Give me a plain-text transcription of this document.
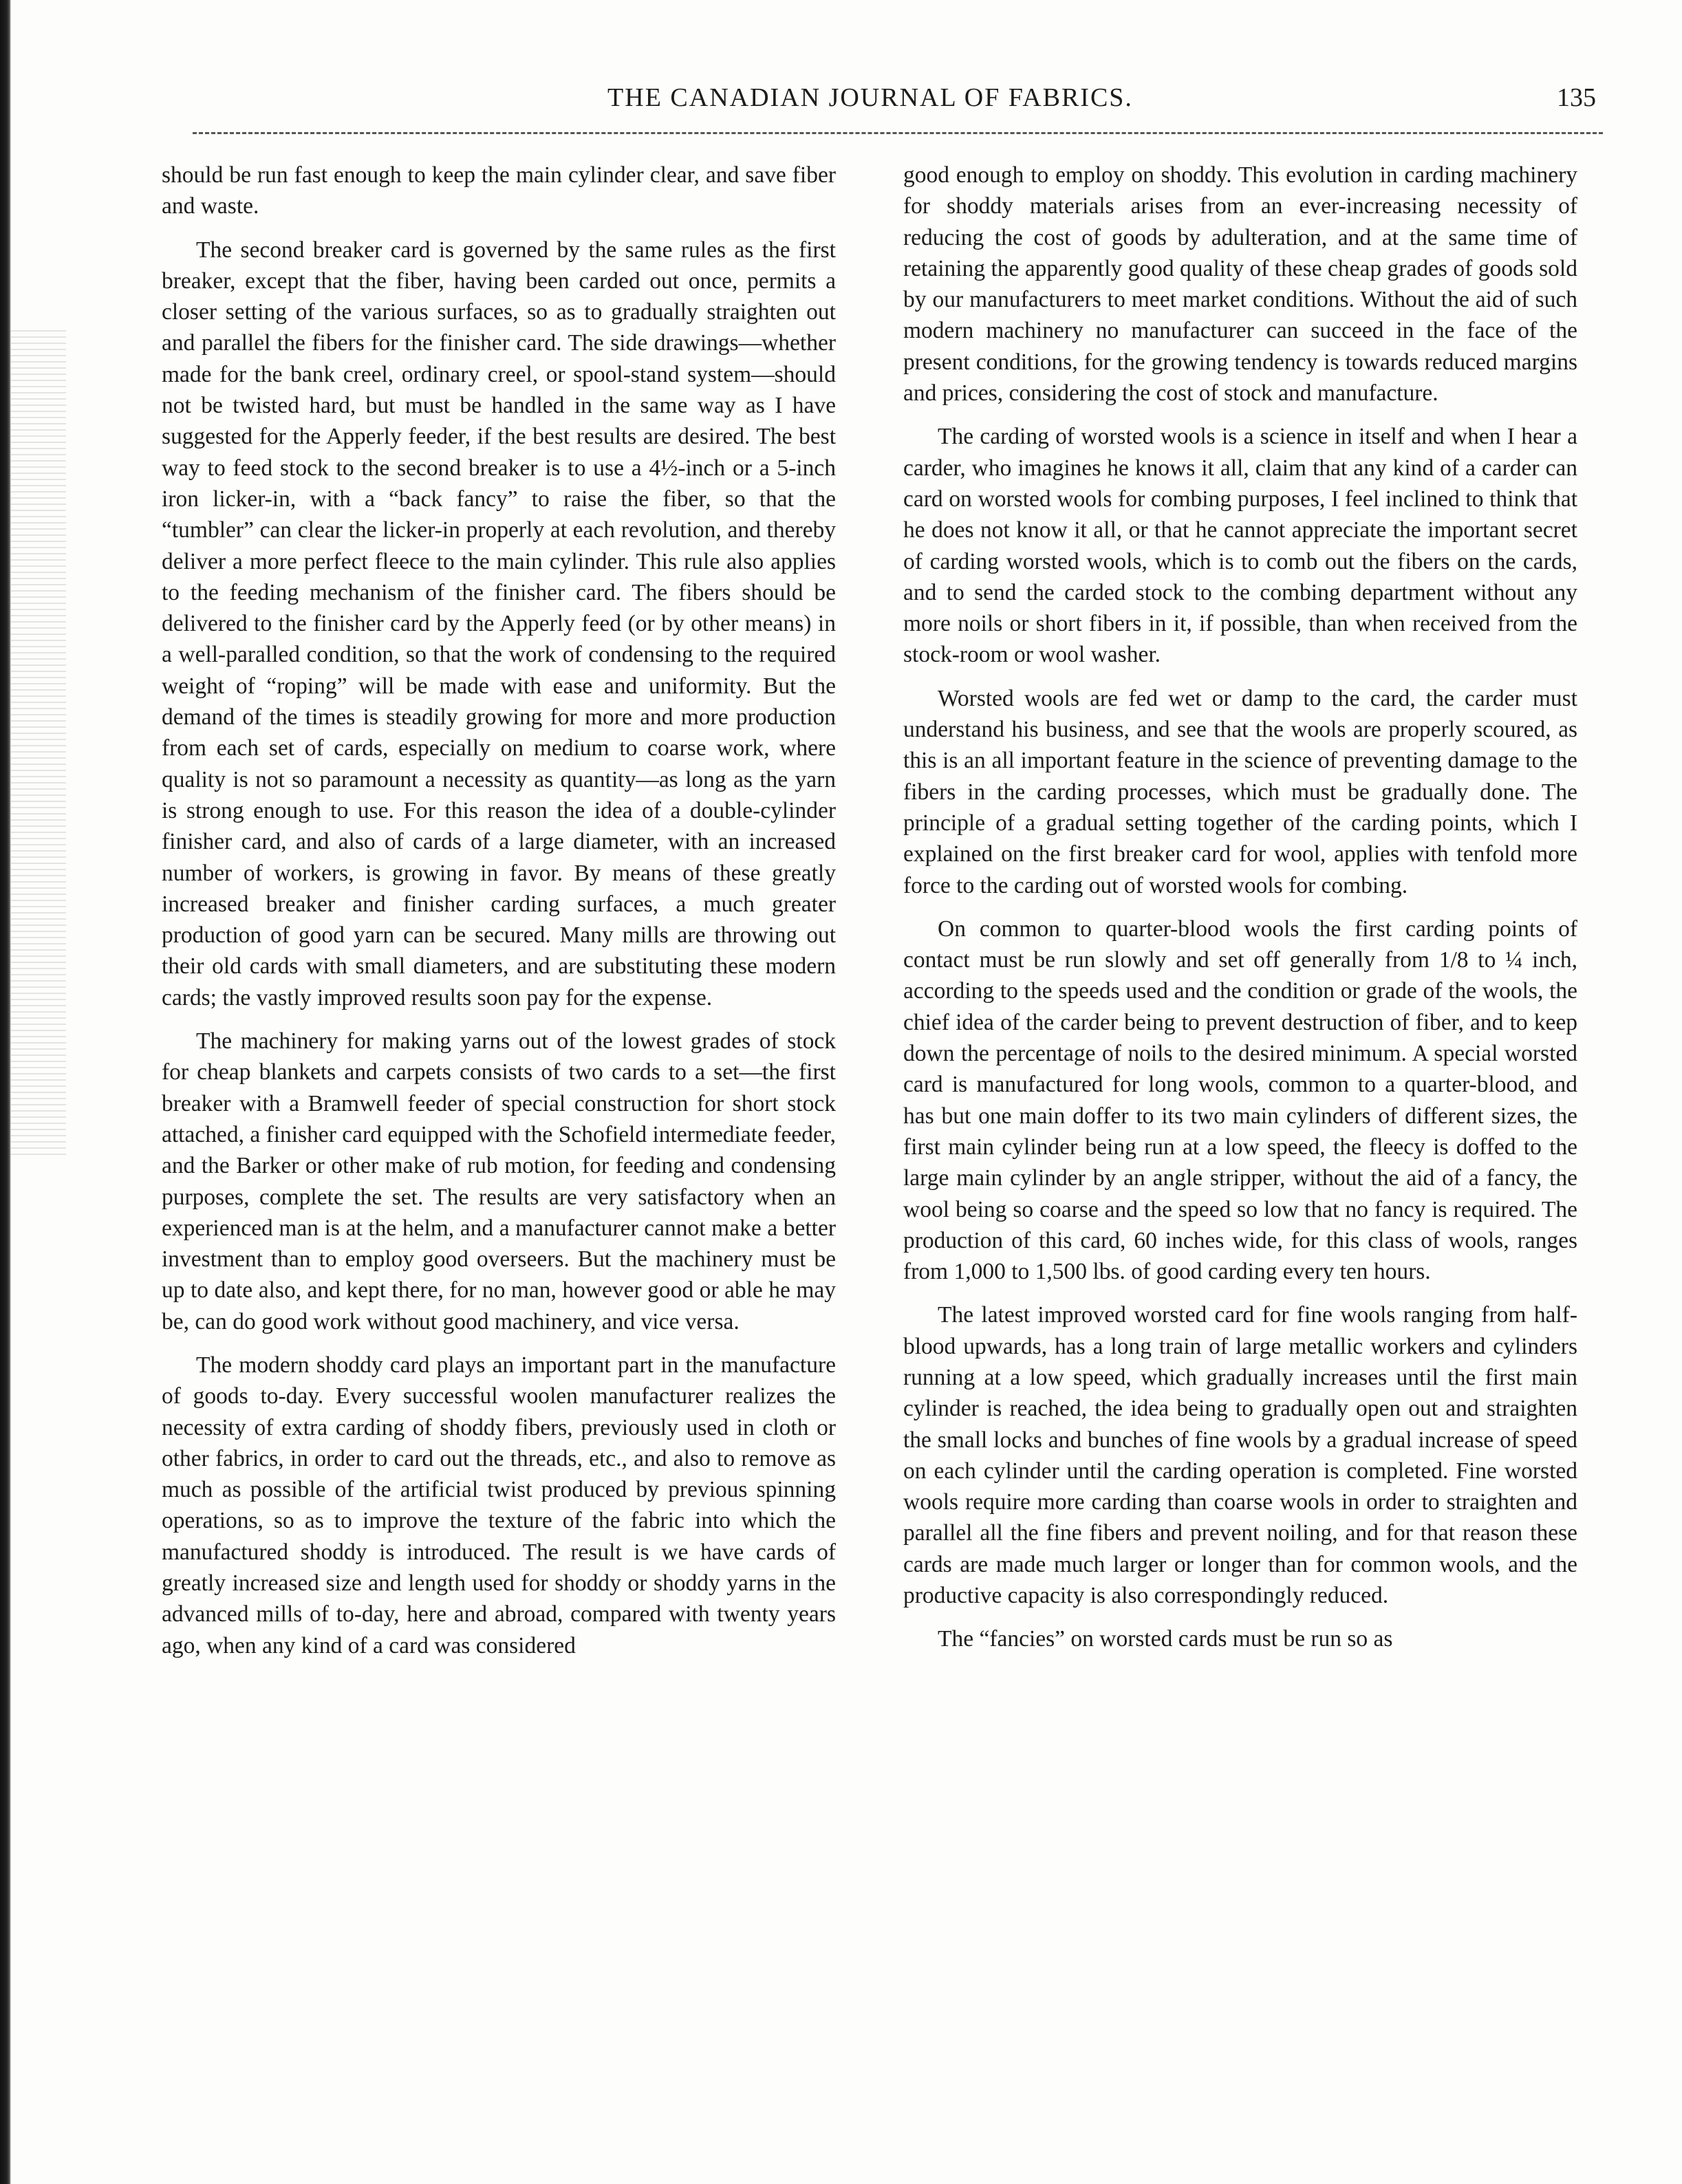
THE CANADIAN JOURNAL OF FABRICS.	135

should be run fast enough to keep the main cylinder clear, and save fiber and waste.

The second breaker card is governed by the same rules as the first breaker, except that the fiber, having been carded out once, permits a closer setting of the various surfaces, so as to gradually straighten out and parallel the fibers for the finisher card. The side drawings—whether made for the bank creel, ordinary creel, or spool-stand system—should not be twisted hard, but must be handled in the same way as I have suggested for the Apperly feeder, if the best results are desired. The best way to feed stock to the second breaker is to use a 4½-inch or a 5-inch iron licker-in, with a “back fancy” to raise the fiber, so that the “tumbler” can clear the licker-in properly at each revolution, and thereby deliver a more perfect fleece to the main cylinder. This rule also applies to the feeding mechanism of the finisher card. The fibers should be delivered to the finisher card by the Apperly feed (or by other means) in a well-paralled condition, so that the work of condensing to the required weight of “roping” will be made with ease and uniformity. But the demand of the times is steadily growing for more and more production from each set of cards, especially on medium to coarse work, where quality is not so paramount a necessity as quantity—as long as the yarn is strong enough to use. For this reason the idea of a double-cylinder finisher card, and also of cards of a large diameter, with an increased number of workers, is growing in favor. By means of these greatly increased breaker and finisher carding surfaces, a much greater production of good yarn can be secured. Many mills are throwing out their old cards with small diameters, and are substituting these modern cards; the vastly improved results soon pay for the expense.

The machinery for making yarns out of the lowest grades of stock for cheap blankets and carpets consists of two cards to a set—the first breaker with a Bramwell feeder of special construction for short stock attached, a finisher card equipped with the Schofield intermediate feeder, and the Barker or other make of rub motion, for feeding and condensing purposes, complete the set. The results are very satisfactory when an experienced man is at the helm, and a manufacturer cannot make a better investment than to employ good overseers. But the machinery must be up to date also, and kept there, for no man, however good or able he may be, can do good work without good machinery, and vice versa.

The modern shoddy card plays an important part in the manufacture of goods to-day. Every successful woolen manufacturer realizes the necessity of extra carding of shoddy fibers, previously used in cloth or other fabrics, in order to card out the threads, etc., and also to remove as much as possible of the artificial twist produced by previous spinning operations, so as to improve the texture of the fabric into which the manufactured shoddy is introduced. The result is we have cards of greatly increased size and length used for shoddy or shoddy yarns in the advanced mills of to-day, here and abroad, compared with twenty years ago, when any kind of a card was considered

good enough to employ on shoddy. This evolution in carding machinery for shoddy materials arises from an ever-increasing necessity of reducing the cost of goods by adulteration, and at the same time of retaining the apparently good quality of these cheap grades of goods sold by our manufacturers to meet market conditions. Without the aid of such modern machinery no manufacturer can succeed in the face of the present conditions, for the growing tendency is towards reduced margins and prices, considering the cost of stock and manufacture.

The carding of worsted wools is a science in itself and when I hear a carder, who imagines he knows it all, claim that any kind of a carder can card on worsted wools for combing purposes, I feel inclined to think that he does not know it all, or that he cannot appreciate the important secret of carding worsted wools, which is to comb out the fibers on the cards, and to send the carded stock to the combing department without any more noils or short fibers in it, if possible, than when received from the stock-room or wool washer.

Worsted wools are fed wet or damp to the card, the carder must understand his business, and see that the wools are properly scoured, as this is an all important feature in the science of preventing damage to the fibers in the carding processes, which must be gradually done. The principle of a gradual setting together of the carding points, which I explained on the first breaker card for wool, applies with tenfold more force to the carding out of worsted wools for combing.

On common to quarter-blood wools the first carding points of contact must be run slowly and set off generally from 1/8 to ¼ inch, according to the speeds used and the condition or grade of the wools, the chief idea of the carder being to prevent destruction of fiber, and to keep down the percentage of noils to the desired minimum. A special worsted card is manufactured for long wools, common to a quarter-blood, and has but one main doffer to its two main cylinders of different sizes, the first main cylinder being run at a low speed, the fleecy is doffed to the large main cylinder by an angle stripper, without the aid of a fancy, the wool being so coarse and the speed so low that no fancy is required. The production of this card, 60 inches wide, for this class of wools, ranges from 1,000 to 1,500 lbs. of good carding every ten hours.

The latest improved worsted card for fine wools ranging from half-blood upwards, has a long train of large metallic workers and cylinders running at a low speed, which gradually increases until the first main cylinder is reached, the idea being to gradually open out and straighten the small locks and bunches of fine wools by a gradual increase of speed on each cylinder until the carding operation is completed. Fine worsted wools require more carding than coarse wools in order to straighten and parallel all the fine fibers and prevent noiling, and for that reason these cards are made much larger or longer than for common wools, and the productive capacity is also correspondingly reduced.

The “fancies” on worsted cards must be run so as
